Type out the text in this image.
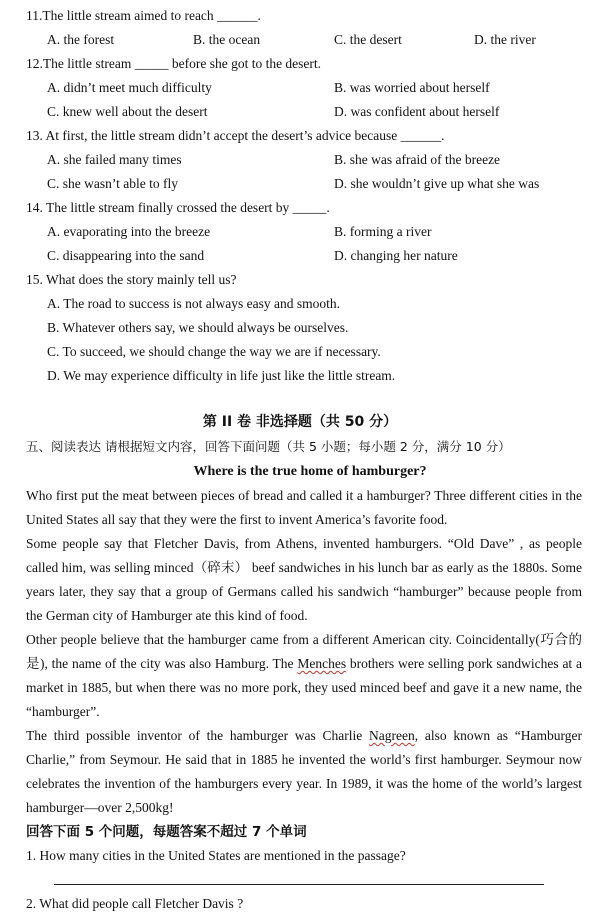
11.The little stream aimed to reach ______.
A. the forest	B. the ocean	C. the desert	D. the river
12.The little stream _____ before she got to the desert.
A. didn’t meet much difficulty	B. was worried about herself
C. knew well about the desert	D. was confident about herself
13. At first, the little stream didn’t accept the desert’s advice because ______.
A. she failed many times	B. she was afraid of the breeze
C. she wasn’t able to fly	D. she wouldn’t give up what she was
14. The little stream finally crossed the desert by _____.
A. evaporating into the breeze	B. forming a river
C. disappearing into the sand	D. changing her nature
15. What does the story mainly tell us?
A. The road to success is not always easy and smooth.
B. Whatever others say, we should always be ourselves.
C. To succeed, we should change the way we are if necessary.
D. We may experience difficulty in life just like the little stream.
第 II 卷 非选择题（共 50 分）
五、阅读表达 请根据短文内容，回答下面问题（共 5 小题；每小题 2 分，满分 10 分）
Where is the true home of hamburger?
Who first put the meat between pieces of bread and called it a hamburger? Three different cities in the United States all say that they were the first to invent America’s favorite food.
Some people say that Fletcher Davis, from Athens, invented hamburgers. “Old Dave” , as people called him, was selling minced（碎末） beef sandwiches in his lunch bar as early as the 1880s. Some years later, they say that a group of Germans called his sandwich “hamburger” because people from the German city of Hamburger ate this kind of food.
Other people believe that the hamburger came from a different American city. Coincidentally(巧合的是), the name of the city was also Hamburg. The Menches brothers were selling pork sandwiches at a market in 1885, but when there was no more pork, they used minced beef and gave it a new name, the “hamburger”.
The third possible inventor of the hamburger was Charlie Nagreen, also known as “Hamburger Charlie,” from Seymour. He said that in 1885 he invented the world’s first hamburger. Seymour now celebrates the invention of the hamburgers every year. In 1989, it was the home of the world’s largest hamburger—over 2,500kg!
回答下面 5 个问题，每题答案不超过 7 个单词
1. How many cities in the United States are mentioned in the passage?
2. What did people call Fletcher Davis ?
